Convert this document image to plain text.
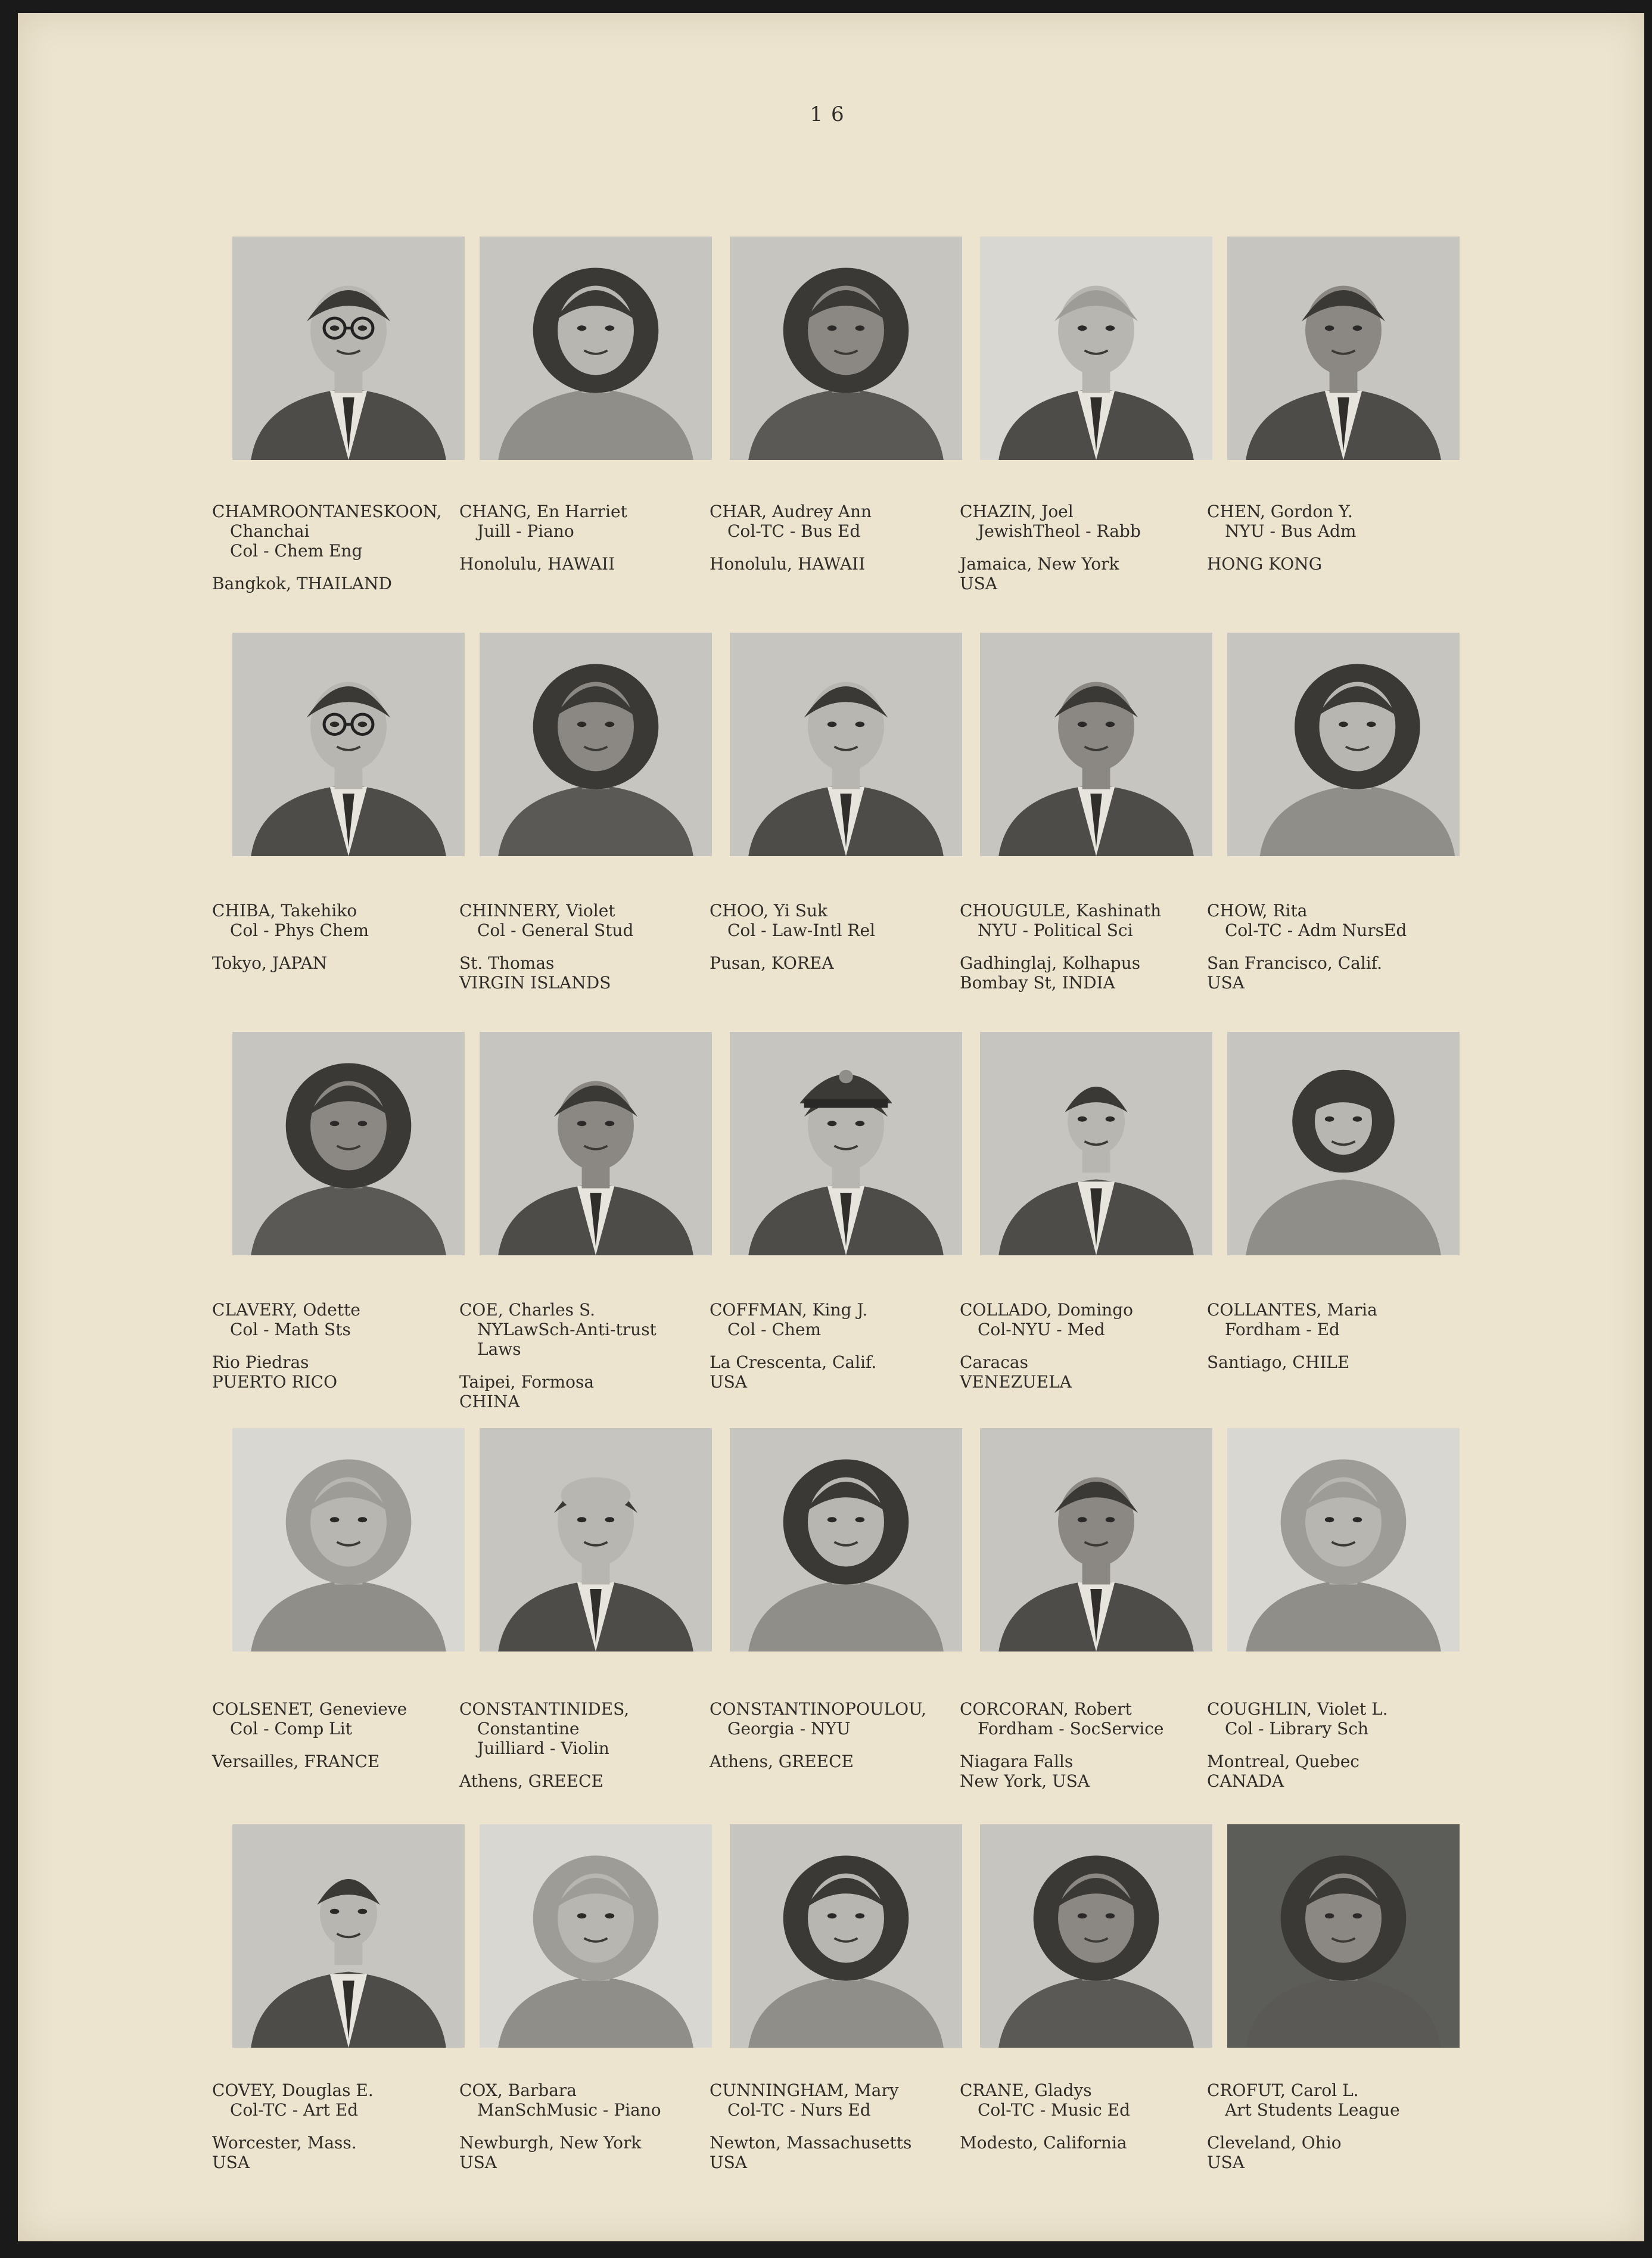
16
CHAMROONTANESKOON,
Chanchai
Col - Chem Eng
Bangkok, THAILAND
CHANG, En Harriet
Juill - Piano
Honolulu, HAWAII
CHAR, Audrey Ann
Col-TC - Bus Ed
Honolulu, HAWAII
CHAZIN, Joel
JewishTheol - Rabb
Jamaica, New York
USA
CHEN, Gordon Y.
NYU - Bus Adm
HONG KONG
CHIBA, Takehiko
Col - Phys Chem
Tokyo, JAPAN
CHINNERY, Violet
Col - General Stud
St. Thomas
VIRGIN ISLANDS
CHOO, Yi Suk
Col - Law-Intl Rel
Pusan, KOREA
CHOUGULE, Kashinath
NYU - Political Sci
Gadhinglaj, Kolhapus
Bombay St, INDIA
CHOW, Rita
Col-TC - Adm NursEd
San Francisco, Calif.
USA
CLAVERY, Odette
Col - Math Sts
Rio Piedras
PUERTO RICO
COE, Charles S.
NYLawSch-Anti-trust
Laws
Taipei, Formosa
CHINA
COFFMAN, King J.
Col - Chem
La Crescenta, Calif.
USA
COLLADO, Domingo
Col-NYU - Med
Caracas
VENEZUELA
COLLANTES, Maria
Fordham - Ed
Santiago, CHILE
COLSENET, Genevieve
Col - Comp Lit
Versailles, FRANCE
CONSTANTINIDES,
Constantine
Juilliard - Violin
Athens, GREECE
CONSTANTINOPOULOU,
Georgia - NYU
Athens, GREECE
CORCORAN, Robert
Fordham - SocService
Niagara Falls
New York, USA
COUGHLIN, Violet L.
Col - Library Sch
Montreal, Quebec
CANADA
COVEY, Douglas E.
Col-TC - Art Ed
Worcester, Mass.
USA
COX, Barbara
ManSchMusic - Piano
Newburgh, New York
USA
CUNNINGHAM, Mary
Col-TC - Nurs Ed
Newton, Massachusetts
USA
CRANE, Gladys
Col-TC - Music Ed
Modesto, California
CROFUT, Carol L.
Art Students League
Cleveland, Ohio
USA
